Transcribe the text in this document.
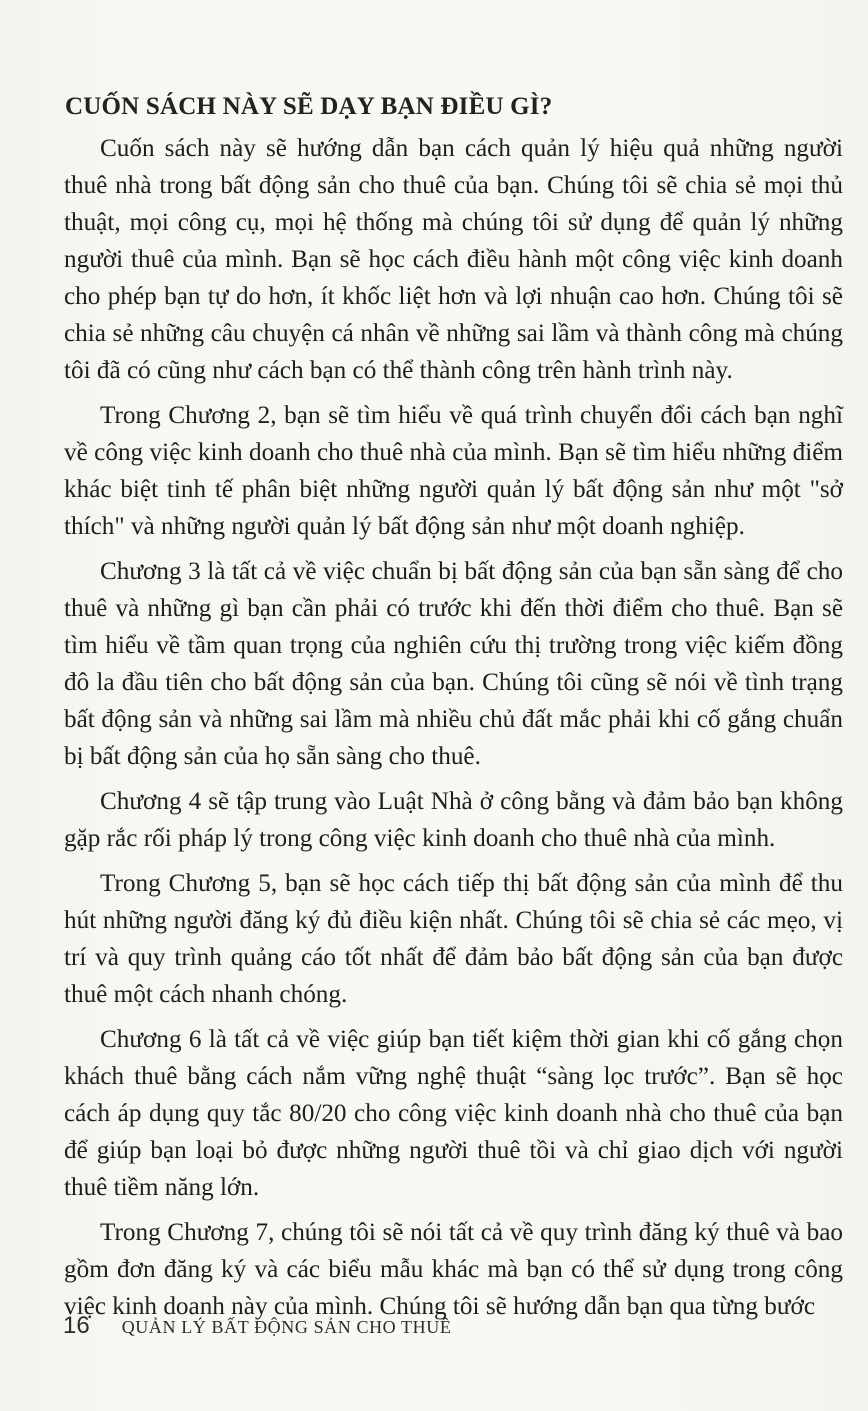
CUỐN SÁCH NÀY SẼ DẠY BẠN ĐIỀU GÌ?

Cuốn sách này sẽ hướng dẫn bạn cách quản lý hiệu quả những người thuê nhà trong bất động sản cho thuê của bạn. Chúng tôi sẽ chia sẻ mọi thủ thuật, mọi công cụ, mọi hệ thống mà chúng tôi sử dụng để quản lý những người thuê của mình. Bạn sẽ học cách điều hành một công việc kinh doanh cho phép bạn tự do hơn, ít khốc liệt hơn và lợi nhuận cao hơn. Chúng tôi sẽ chia sẻ những câu chuyện cá nhân về những sai lầm và thành công mà chúng tôi đã có cũng như cách bạn có thể thành công trên hành trình này.

Trong Chương 2, bạn sẽ tìm hiểu về quá trình chuyển đổi cách bạn nghĩ về công việc kinh doanh cho thuê nhà của mình. Bạn sẽ tìm hiểu những điểm khác biệt tinh tế phân biệt những người quản lý bất động sản như một "sở thích" và những người quản lý bất động sản như một doanh nghiệp.

Chương 3 là tất cả về việc chuẩn bị bất động sản của bạn sẵn sàng để cho thuê và những gì bạn cần phải có trước khi đến thời điểm cho thuê. Bạn sẽ tìm hiểu về tầm quan trọng của nghiên cứu thị trường trong việc kiếm đồng đô la đầu tiên cho bất động sản của bạn. Chúng tôi cũng sẽ nói về tình trạng bất động sản và những sai lầm mà nhiều chủ đất mắc phải khi cố gắng chuẩn bị bất động sản của họ sẵn sàng cho thuê.

Chương 4 sẽ tập trung vào Luật Nhà ở công bằng và đảm bảo bạn không gặp rắc rối pháp lý trong công việc kinh doanh cho thuê nhà của mình.

Trong Chương 5, bạn sẽ học cách tiếp thị bất động sản của mình để thu hút những người đăng ký đủ điều kiện nhất. Chúng tôi sẽ chia sẻ các mẹo, vị trí và quy trình quảng cáo tốt nhất để đảm bảo bất động sản của bạn được thuê một cách nhanh chóng.

Chương 6 là tất cả về việc giúp bạn tiết kiệm thời gian khi cố gắng chọn khách thuê bằng cách nắm vững nghệ thuật “sàng lọc trước”. Bạn sẽ học cách áp dụng quy tắc 80/20 cho công việc kinh doanh nhà cho thuê của bạn để giúp bạn loại bỏ được những người thuê tồi và chỉ giao dịch với người thuê tiềm năng lớn.

Trong Chương 7, chúng tôi sẽ nói tất cả về quy trình đăng ký thuê và bao gồm đơn đăng ký và các biểu mẫu khác mà bạn có thể sử dụng trong công việc kinh doanh này của mình. Chúng tôi sẽ hướng dẫn bạn qua từng bước

16 QUẢN LÝ BẤT ĐỘNG SẢN CHO THUÊ
